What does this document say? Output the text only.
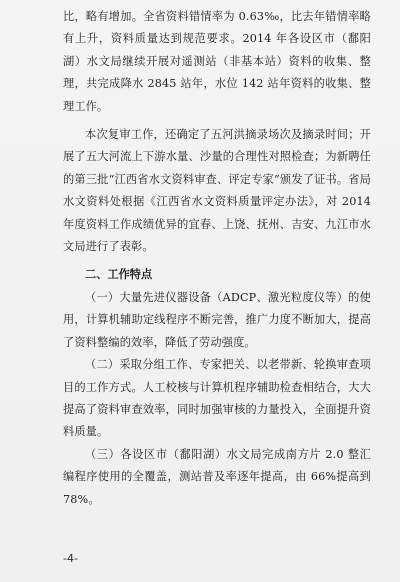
比，略有增加。全省资料错情率为 0.63‰，比去年错情率略有上升，资料质量达到规范要求。2014 年各设区市（鄱阳湖）水文局继续开展对遥测站（非基本站）资料的收集、整理，共完成降水 2845 站年，水位 142 站年资料的收集、整理工作。

本次复审工作，还确定了五河洪摘录场次及摘录时间；开展了五大河流上下游水量、沙量的合理性对照检查；为新聘任的第三批“江西省水文资料审查、评定专家”颁发了证书。省局水文资料处根据《江西省水文资料质量评定办法》，对 2014 年度资料工作成绩优异的宜春、上饶、抚州、吉安、九江市水文局进行了表彰。

二、工作特点

（一）大量先进仪器设备（ADCP、激光粒度仪等）的使用，计算机辅助定线程序不断完善，推广力度不断加大，提高了资料整编的效率，降低了劳动强度。

（二）采取分组工作、专家把关、以老带新、轮换审查项目的工作方式。人工校核与计算机程序辅助检查相结合，大大提高了资料审查效率，同时加强审核的力量投入，全面提升资料质量。

（三）各设区市（鄱阳湖）水文局完成南方片 2.0 整汇编程序使用的全覆盖，测站普及率逐年提高，由 66%提高到 78%。

-4-
